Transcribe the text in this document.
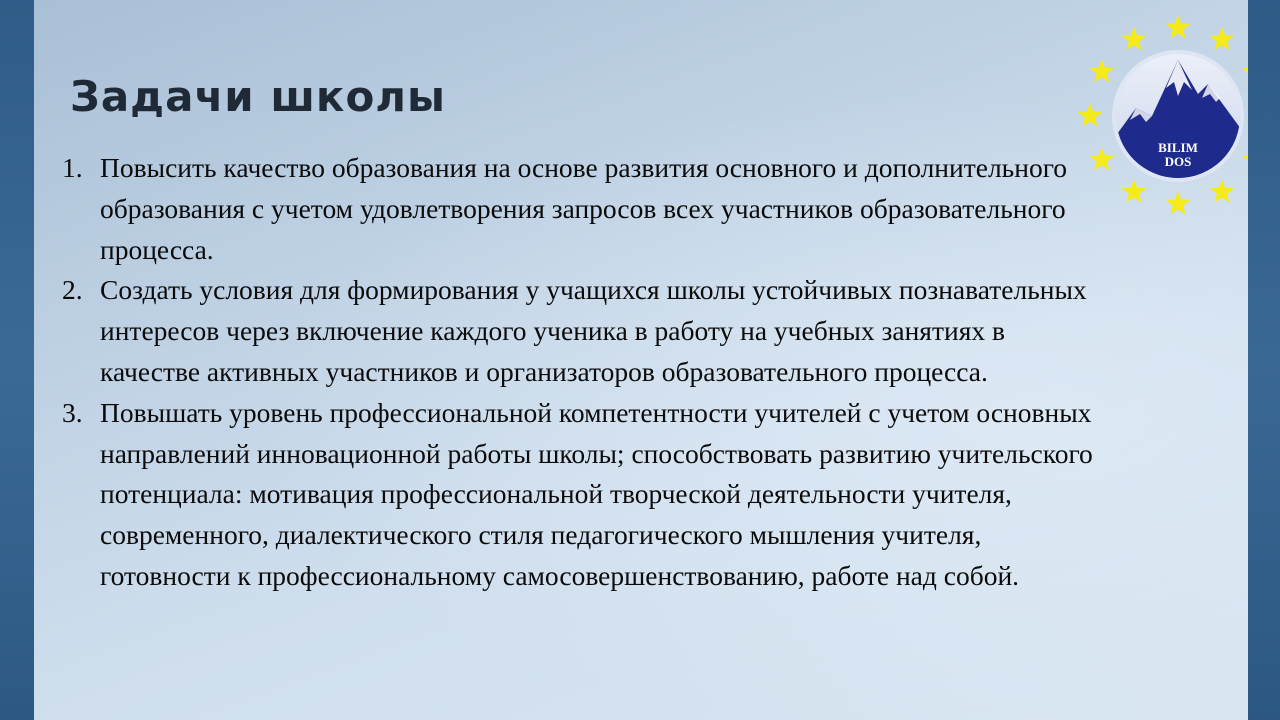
Задачи школы
1. Повысить качество образования на основе развития основного и дополнительного образования с учетом удовлетворения запросов всех участников образовательного процесса.
2. Создать условия для формирования у учащихся школы устойчивых познавательных интересов через включение каждого ученика в работу на учебных занятиях в качестве активных участников и организаторов образовательного процесса.
3. Повышать уровень профессиональной компетентности учителей с учетом основных направлений инновационной работы школы; способствовать развитию учительского потенциала: мотивация профессиональной творческой деятельности учителя, современного, диалектического стиля педагогического мышления учителя, готовности к профессиональному самосовершенствованию, работе над собой.
BILIM
DOS
